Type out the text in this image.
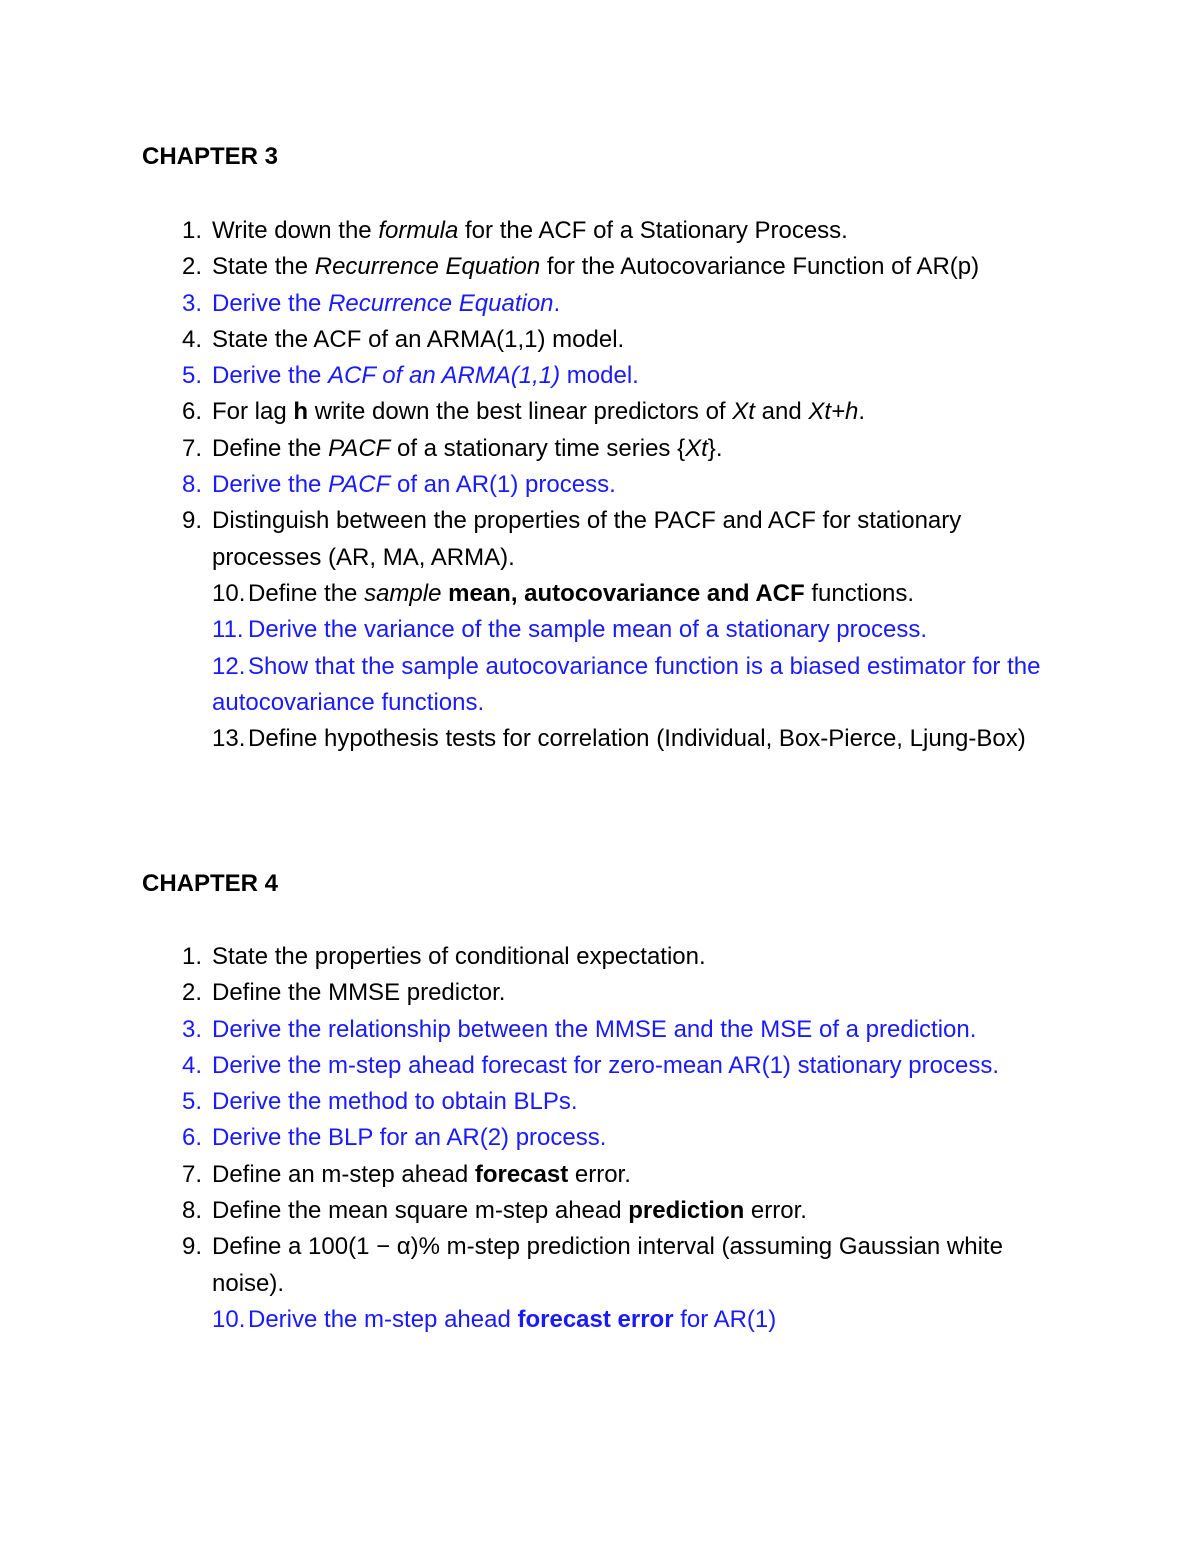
CHAPTER 3
1. Write down the formula for the ACF of a Stationary Process.
2. State the Recurrence Equation for the Autocovariance Function of AR(p)
3. Derive the Recurrence Equation.
4. State the ACF of an ARMA(1,1) model.
5. Derive the ACF of an ARMA(1,1) model.
6. For lag h write down the best linear predictors of Xt and Xt+h.
7. Define the PACF of a stationary time series {Xt}.
8. Derive the PACF of an AR(1) process.
9. Distinguish between the properties of the PACF and ACF for stationary processes (AR, MA, ARMA).
10. Define the sample mean, autocovariance and ACF functions.
11. Derive the variance of the sample mean of a stationary process.
12. Show that the sample autocovariance function is a biased estimator for the autocovariance functions.
13. Define hypothesis tests for correlation (Individual, Box-Pierce, Ljung-Box)
CHAPTER 4
1. State the properties of conditional expectation.
2. Define the MMSE predictor.
3. Derive the relationship between the MMSE and the MSE of a prediction.
4. Derive the m-step ahead forecast for zero-mean AR(1) stationary process.
5. Derive the method to obtain BLPs.
6. Derive the BLP for an AR(2) process.
7. Define an m-step ahead forecast error.
8. Define the mean square m-step ahead prediction error.
9. Define a 100(1 − α)% m-step prediction interval (assuming Gaussian white noise).
10. Derive the m-step ahead forecast error for AR(1)
